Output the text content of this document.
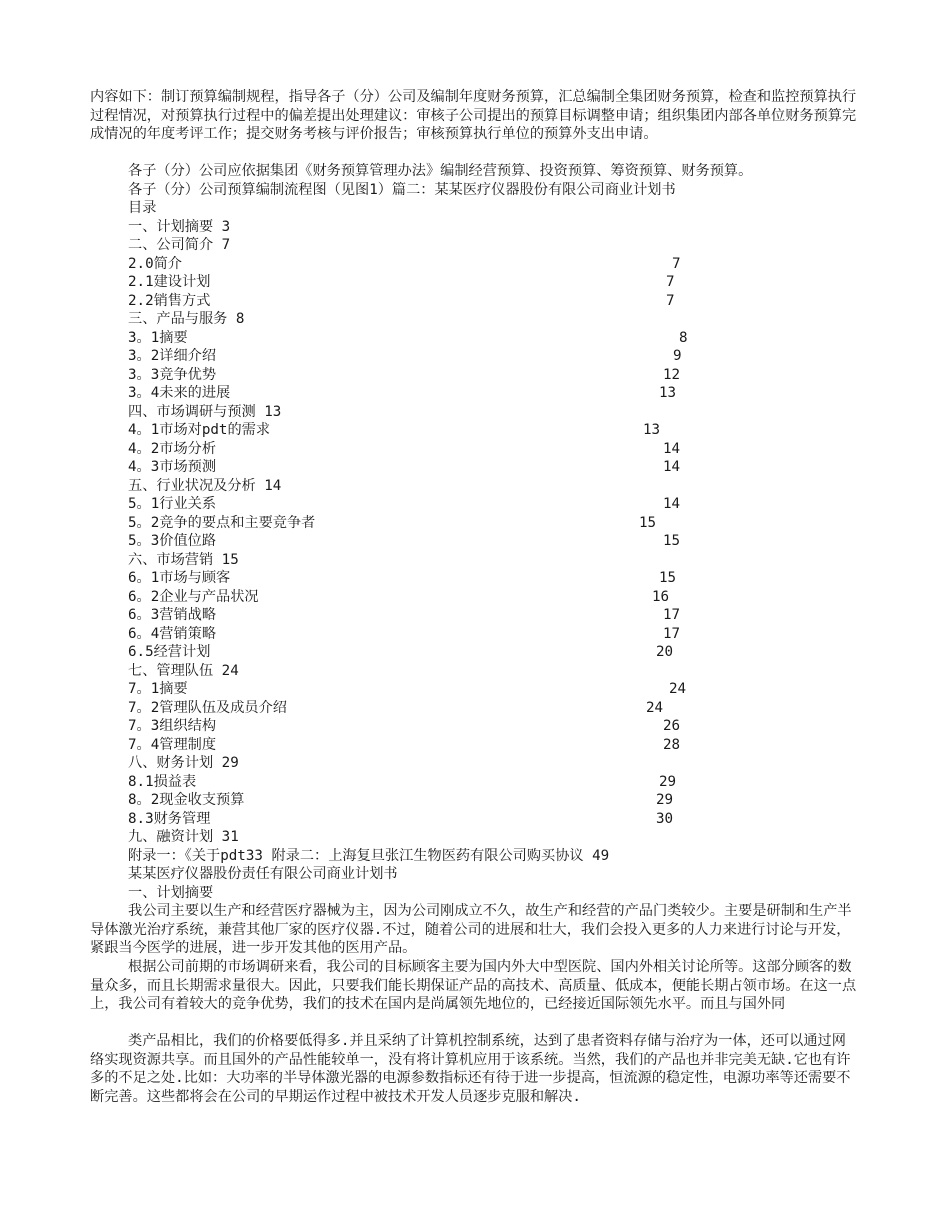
内容如下：制订预算编制规程，指导各子（分）公司及编制年度财务预算，汇总编制全集团财务预算，检查和监控预算执行过程情况，对预算执行过程中的偏差提出处理建议：审核子公司提出的预算目标调整申请；组织集团内部各单位财务预算完成情况的年度考评工作；提交财务考核与评价报告；审核预算执行单位的预算外支出申请。
各子（分）公司应依据集团《财务预算管理办法》编制经营预算、投资预算、筹资预算、财务预算。
各子（分）公司预算编制流程图（见图1）篇二：某某医疗仪器股份有限公司商业计划书
目录
一、计划摘要 3
二、公司简介 7
2.0简介	7
2.1建设计划	7
2.2销售方式	7
三、产品与服务 8
3。1摘要	8
3。2详细介绍	9
3。3竞争优势	12
3。4未来的进展	13
四、市场调研与预测 13
4。1市场对pdt的需求	13
4。2市场分析	14
4。3市场预测	14
五、行业状况及分析 14
5。1行业关系	14
5。2竞争的要点和主要竞争者	15
5。3价值位路	15
六、市场营销 15
6。1市场与顾客	15
6。2企业与产品状况	16
6。3营销战略	17
6。4营销策略	17
6.5经营计划	20
七、管理队伍 24
7。1摘要	24
7。2管理队伍及成员介绍	24
7。3组织结构	26
7。4管理制度	28
八、财务计划 29
8.1损益表	29
8。2现金收支预算	29
8.3财务管理	30
九、融资计划 31
附录一：《关于pdt33 附录二：上海复旦张江生物医药有限公司购买协议 49
某某医疗仪器股份责任有限公司商业计划书
一、计划摘要
我公司主要以生产和经营医疗器械为主，因为公司刚成立不久，故生产和经营的产品门类较少。主要是研制和生产半导体激光治疗系统，兼营其他厂家的医疗仪器.不过，随着公司的进展和壮大，我们会投入更多的人力来进行讨论与开发，紧跟当今医学的进展，进一步开发其他的医用产品。
根据公司前期的市场调研来看，我公司的目标顾客主要为国内外大中型医院、国内外相关讨论所等。这部分顾客的数量众多，而且长期需求量很大。因此，只要我们能长期保证产品的高技术、高质量、低成本，便能长期占领市场。在这一点上，我公司有着较大的竞争优势，我们的技术在国内是尚属领先地位的，已经接近国际领先水平。而且与国外同
类产品相比，我们的价格要低得多.并且采纳了计算机控制系统，达到了患者资料存储与治疗为一体，还可以通过网络实现资源共享。而且国外的产品性能较单一，没有将计算机应用于该系统。当然，我们的产品也并非完美无缺.它也有许多的不足之处.比如：大功率的半导体激光器的电源参数指标还有待于进一步提高，恒流源的稳定性，电源功率等还需要不断完善。这些都将会在公司的早期运作过程中被技术开发人员逐步克服和解决.
